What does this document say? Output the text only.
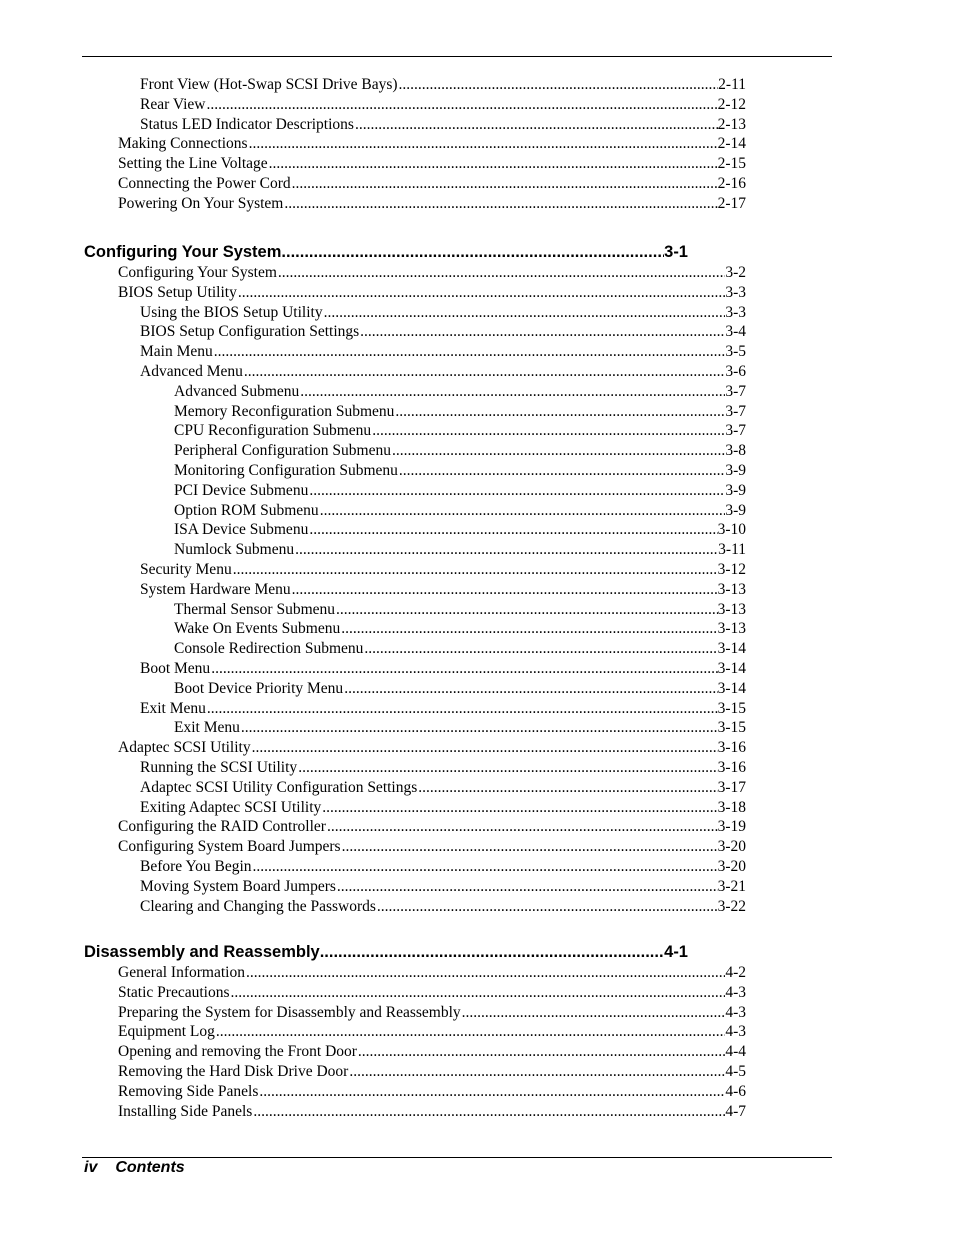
Front View (Hot-Swap SCSI Drive Bays) .....	2-11
Rear View .....	2-12
Status LED Indicator Descriptions .....	2-13
Making Connections .....	2-14
Setting the Line Voltage .....	2-15
Connecting the Power Cord .....	2-16
Powering On Your System .....	2-17
Configuring Your System .....	3-1
Configuring Your System .....	3-2
BIOS Setup Utility .....	3-3
Using the BIOS Setup Utility .....	3-3
BIOS Setup Configuration Settings .....	3-4
Main Menu .....	3-5
Advanced Menu .....	3-6
Advanced Submenu .....	3-7
Memory Reconfiguration Submenu .....	3-7
CPU Reconfiguration Submenu .....	3-7
Peripheral Configuration Submenu .....	3-8
Monitoring Configuration Submenu .....	3-9
PCI Device Submenu .....	3-9
Option ROM Submenu .....	3-9
ISA Device Submenu .....	3-10
Numlock Submenu .....	3-11
Security Menu .....	3-12
System Hardware Menu .....	3-13
Thermal Sensor Submenu .....	3-13
Wake On Events Submenu .....	3-13
Console Redirection Submenu .....	3-14
Boot Menu .....	3-14
Boot Device Priority Menu .....	3-14
Exit Menu .....	3-15
Exit Menu .....	3-15
Adaptec SCSI Utility .....	3-16
Running the SCSI Utility .....	3-16
Adaptec SCSI Utility Configuration Settings .....	3-17
Exiting Adaptec SCSI Utility .....	3-18
Configuring the RAID Controller .....	3-19
Configuring System Board Jumpers .....	3-20
Before You Begin .....	3-20
Moving System Board Jumpers .....	3-21
Clearing and Changing the Passwords .....	3-22
Disassembly and Reassembly .....	4-1
General Information .....	4-2
Static Precautions .....	4-3
Preparing the System for Disassembly and Reassembly .....	4-3
Equipment Log .....	4-3
Opening and removing the Front Door .....	4-4
Removing the Hard Disk Drive Door .....	4-5
Removing Side Panels .....	4-6
Installing Side Panels .....	4-7
iv Contents
